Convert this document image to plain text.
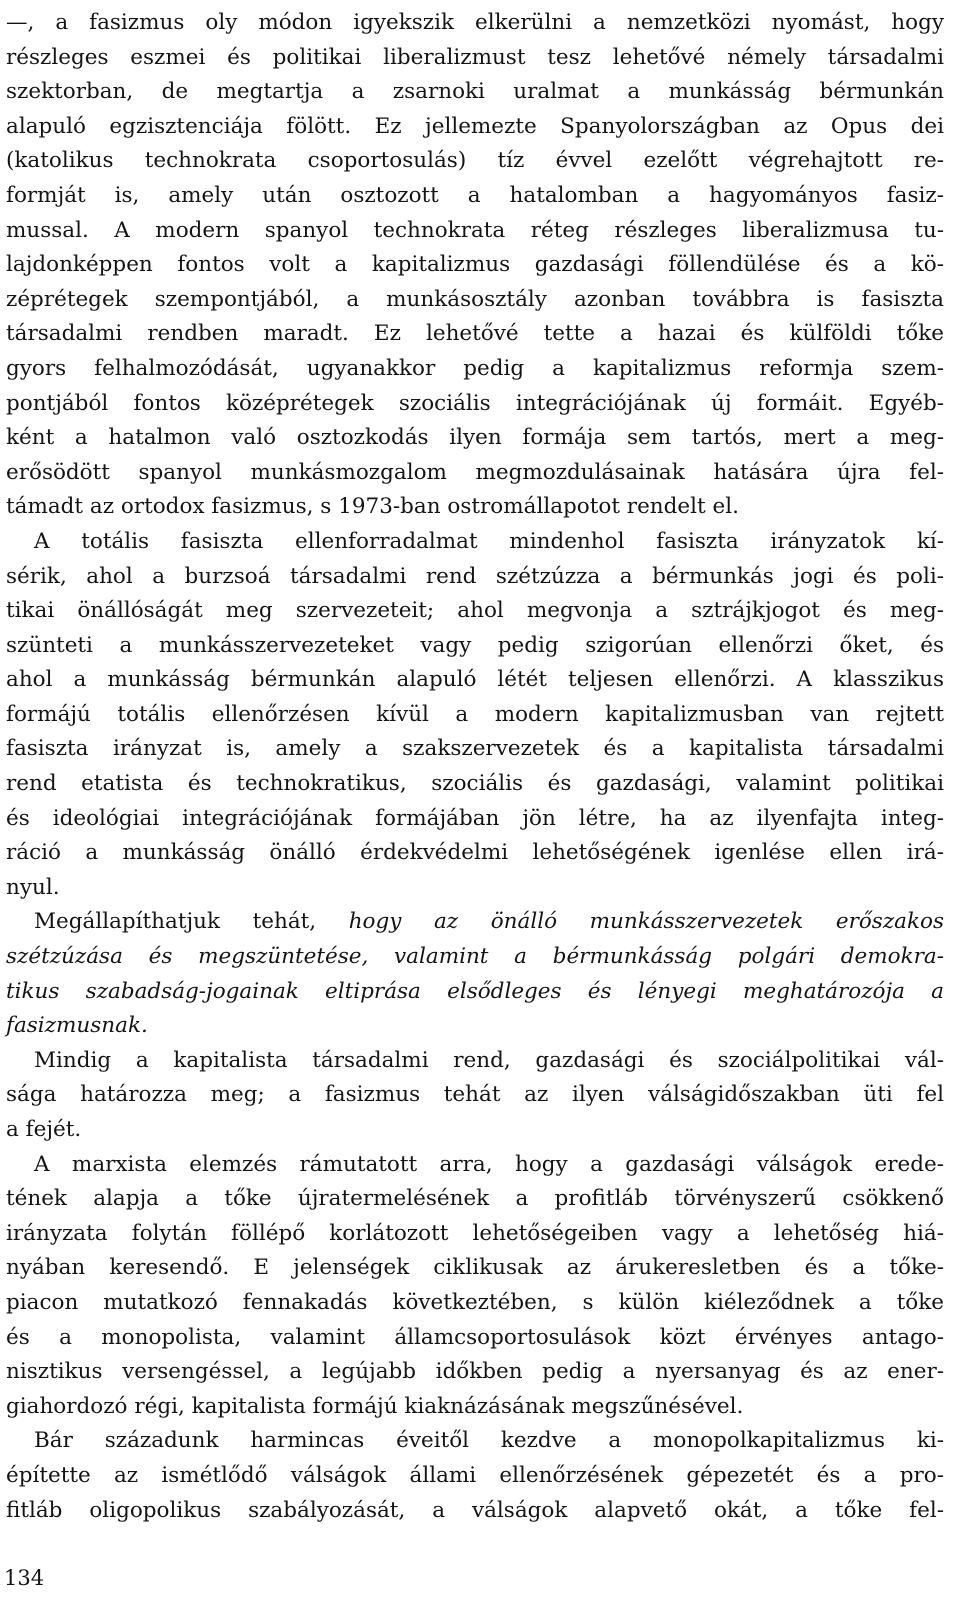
—, a fasizmus oly módon igyekszik elkerülni a nemzetközi nyomást, hogy
részleges eszmei és politikai liberalizmust tesz lehetővé némely társadalmi
szektorban, de megtartja a zsarnoki uralmat a munkásság bérmunkán
alapuló egzisztenciája fölött. Ez jellemezte Spanyolországban az Opus dei
(katolikus technokrata csoportosulás) tíz évvel ezelőtt végrehajtott re-
formját is, amely után osztozott a hatalomban a hagyományos fasiz-
mussal. A modern spanyol technokrata réteg részleges liberalizmusa tu-
lajdonképpen fontos volt a kapitalizmus gazdasági föllendülése és a kö-
zéprétegek szempontjából, a munkásosztály azonban továbbra is fasiszta
társadalmi rendben maradt. Ez lehetővé tette a hazai és külföldi tőke
gyors felhalmozódását, ugyanakkor pedig a kapitalizmus reformja szem-
pontjából fontos középrétegek szociális integrációjának új formáit. Egyéb-
ként a hatalmon való osztozkodás ilyen formája sem tartós, mert a meg-
erősödött spanyol munkásmozgalom megmozdulásainak hatására újra fel-
támadt az ortodox fasizmus, s 1973-ban ostromállapotot rendelt el.
A totális fasiszta ellenforradalmat mindenhol fasiszta irányzatok kí-
sérik, ahol a burzsoá társadalmi rend szétzúzza a bérmunkás jogi és poli-
tikai önállóságát meg szervezeteit; ahol megvonja a sztrájkjogot és meg-
szünteti a munkásszervezeteket vagy pedig szigorúan ellenőrzi őket, és
ahol a munkásság bérmunkán alapuló létét teljesen ellenőrzi. A klasszikus
formájú totális ellenőrzésen kívül a modern kapitalizmusban van rejtett
fasiszta irányzat is, amely a szakszervezetek és a kapitalista társadalmi
rend etatista és technokratikus, szociális és gazdasági, valamint politikai
és ideológiai integrációjának formájában jön létre, ha az ilyenfajta integ-
ráció a munkásság önálló érdekvédelmi lehetőségének igenlése ellen irá-
nyul.
Megállapíthatjuk tehát, hogy az önálló munkásszervezetek erőszakos
szétzúzása és megszüntetése, valamint a bérmunkásság polgári demokra-
tikus szabadság-jogainak eltiprása elsődleges és lényegi meghatározója a
fasizmusnak.
Mindig a kapitalista társadalmi rend, gazdasági és szociálpolitikai vál-
sága határozza meg; a fasizmus tehát az ilyen válságidőszakban üti fel
a fejét.
A marxista elemzés rámutatott arra, hogy a gazdasági válságok erede-
tének alapja a tőke újratermelésének a profitláb törvényszerű csökkenő
irányzata folytán föllépő korlátozott lehetőségeiben vagy a lehetőség hiá-
nyában keresendő. E jelenségek ciklikusak az árukeresletben és a tőke-
piacon mutatkozó fennakadás következtében, s külön kiéleződnek a tőke
és a monopolista, valamint államcsoportosulások közt érvényes antago-
nisztikus versengéssel, a legújabb időkben pedig a nyersanyag és az ener-
giahordozó régi, kapitalista formájú kiaknázásának megszűnésével.
Bár századunk harmincas éveitől kezdve a monopolkapitalizmus ki-
építette az ismétlődő válságok állami ellenőrzésének gépezetét és a pro-
fitláb oligopolikus szabályozását, a válságok alapvető okát, a tőke fel-
134
